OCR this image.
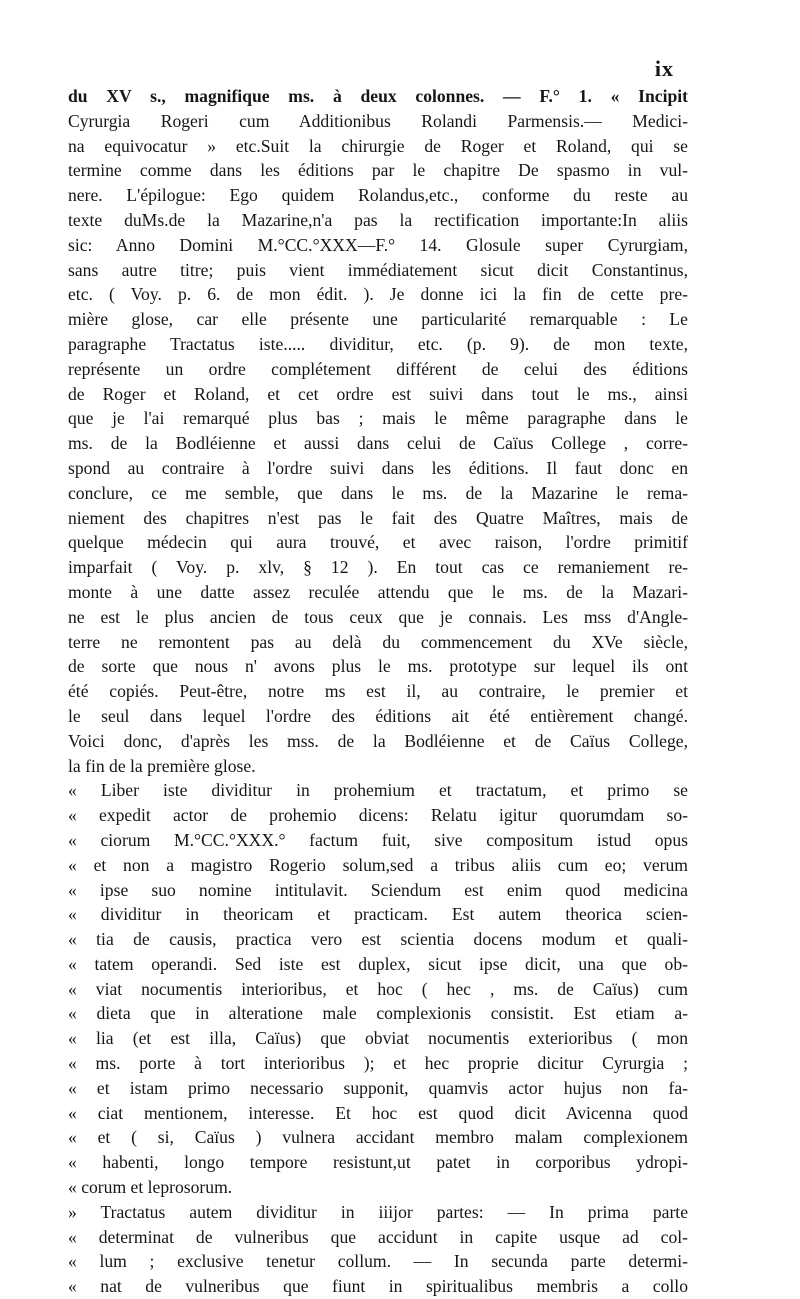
ix
du XV s., magnifique ms. à deux colonnes. — F.° 1. « Incipit
Cyrurgia Rogeri cum Additionibus Rolandi Parmensis.— Medici-
na equivocatur » etc.Suit la chirurgie de Roger et Roland, qui se
termine comme dans les éditions par le chapitre De spasmo in vul-
nere. L'épilogue: Ego quidem Rolandus,etc., conforme du reste au
texte duMs.de la Mazarine,n'a pas la rectification importante:In aliis
sic: Anno Domini M.°CC.°XXX—F.° 14. Glosule super Cyrurgiam,
sans autre titre; puis vient immédiatement sicut dicit Constantinus,
etc. ( Voy. p. 6. de mon édit. ). Je donne ici la fin de cette pre-
mière glose, car elle présente une particularité remarquable : Le
paragraphe Tractatus iste..... dividitur, etc. (p. 9). de mon texte,
représente un ordre complétement différent de celui des éditions
de Roger et Roland, et cet ordre est suivi dans tout le ms., ainsi
que je l'ai remarqué plus bas ; mais le même paragraphe dans le
ms. de la Bodléienne et aussi dans celui de Caïus College , corre-
spond au contraire à l'ordre suivi dans les éditions. Il faut donc en
conclure, ce me semble, que dans le ms. de la Mazarine le rema-
niement des chapitres n'est pas le fait des Quatre Maîtres, mais de
quelque médecin qui aura trouvé, et avec raison, l'ordre primitif
imparfait ( Voy. p. xlv, § 12 ). En tout cas ce remaniement re-
monte à une datte assez reculée attendu que le ms. de la Mazari-
ne est le plus ancien de tous ceux que je connais. Les mss d'Angle-
terre ne remontent pas au delà du commencement du XVe siècle,
de sorte que nous n' avons plus le ms. prototype sur lequel ils ont
été copiés. Peut-être, notre ms est il, au contraire, le premier et
le seul dans lequel l'ordre des éditions ait été entièrement changé.
Voici donc, d'après les mss. de la Bodléienne et de Caïus College,
la fin de la première glose.
« Liber iste dividitur in prohemium et tractatum, et primo se
« expedit actor de prohemio dicens: Relatu igitur quorumdam so-
« ciorum M.°CC.°XXX.° factum fuit, sive compositum istud opus
« et non a magistro Rogerio solum,sed a tribus aliis cum eo; verum
« ipse suo nomine intitulavit. Sciendum est enim quod medicina
« dividitur in theoricam et practicam. Est autem theorica scien-
« tia de causis, practica vero est scientia docens modum et quali-
« tatem operandi. Sed iste est duplex, sicut ipse dicit, una que ob-
« viat nocumentis interioribus, et hoc ( hec , ms. de Caïus) cum
« dieta que in alteratione male complexionis consistit. Est etiam a-
« lia (et est illa, Caïus) que obviat nocumentis exterioribus ( mon
« ms. porte à tort interioribus ); et hec proprie dicitur Cyrurgia ;
« et istam primo necessario supponit, quamvis actor hujus non fa-
« ciat mentionem, interesse. Et hoc est quod dicit Avicenna quod
« et ( si, Caïus ) vulnera accidant membro malam complexionem
« habenti, longo tempore resistunt,ut patet in corporibus ydropi-
« corum et leprosorum.
» Tractatus autem dividitur in iiijor partes: — In prima parte
« determinat de vulneribus que accidunt in capite usque ad col-
« lum ; exclusive tenetur collum. — In secunda parte determi-
« nat de vulneribus que fiunt in spiritualibus membris a collo
